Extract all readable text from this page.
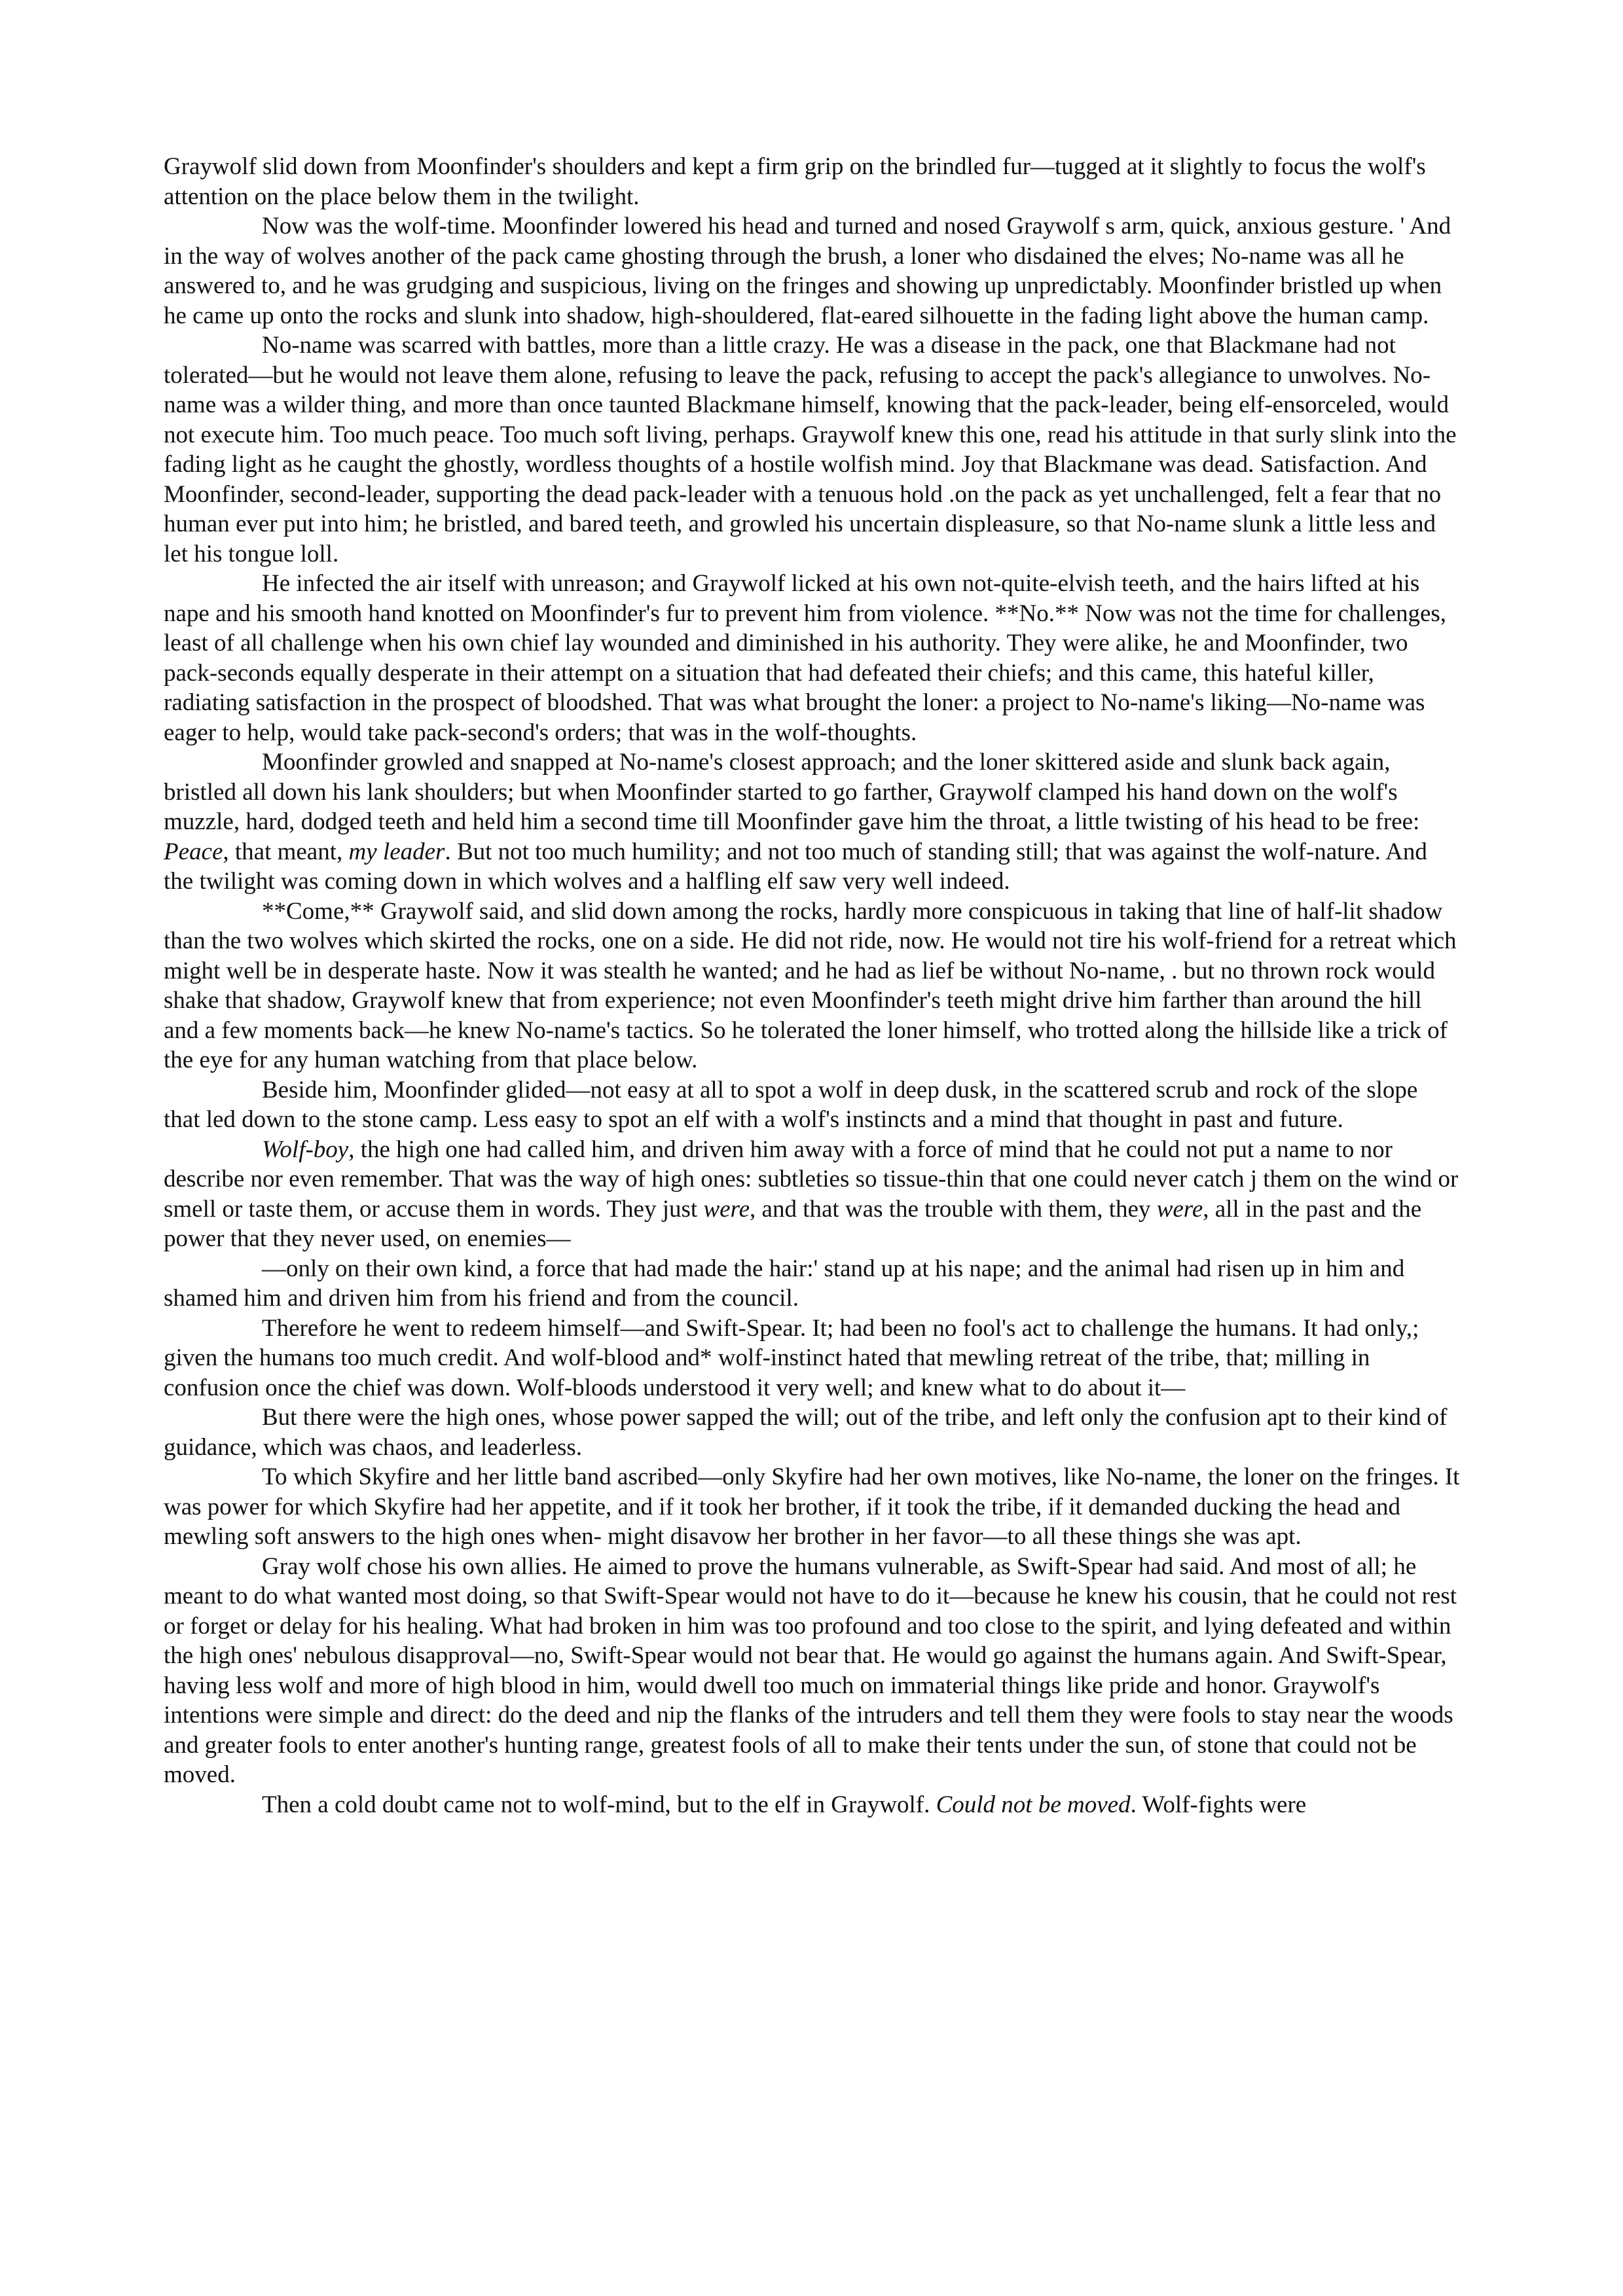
Graywolf slid down from Moonfinder's shoulders and kept a firm grip on the brindled fur—tugged at it slightly to focus the wolf's attention on the place below them in the twilight.

Now was the wolf-time. Moonfinder lowered his head and turned and nosed Graywolf s arm, quick, anxious gesture. ' And in the way of wolves another of the pack came ghosting through the brush, a loner who disdained the elves; No-name was all he answered to, and he was grudging and suspicious, living on the fringes and showing up unpredictably. Moonfinder bristled up when he came up onto the rocks and slunk into shadow, high-shouldered, flat-eared silhouette in the fading light above the human camp.

No-name was scarred with battles, more than a little crazy. He was a disease in the pack, one that Blackmane had not tolerated—but he would not leave them alone, refusing to leave the pack, refusing to accept the pack's allegiance to unwolves. No-name was a wilder thing, and more than once taunted Blackmane himself, knowing that the pack-leader, being elf-ensorceled, would not execute him. Too much peace. Too much soft living, perhaps. Graywolf knew this one, read his attitude in that surly slink into the fading light as he caught the ghostly, wordless thoughts of a hostile wolfish mind. Joy that Blackmane was dead. Satisfaction. And Moonfinder, second-leader, supporting the dead pack-leader with a tenuous hold .on the pack as yet unchallenged, felt a fear that no human ever put into him; he bristled, and bared teeth, and growled his uncertain displeasure, so that No-name slunk a little less and let his tongue loll.

He infected the air itself with unreason; and Graywolf licked at his own not-quite-elvish teeth, and the hairs lifted at his nape and his smooth hand knotted on Moonfinder's fur to prevent him from violence. **No.** Now was not the time for challenges, least of all challenge when his own chief lay wounded and diminished in his authority. They were alike, he and Moonfinder, two pack-seconds equally desperate in their attempt on a situation that had defeated their chiefs; and this came, this hateful killer, radiating satisfaction in the prospect of bloodshed. That was what brought the loner: a project to No-name's liking—No-name was eager to help, would take pack-second's orders; that was in the wolf-thoughts.

Moonfinder growled and snapped at No-name's closest approach; and the loner skittered aside and slunk back again, bristled all down his lank shoulders; but when Moonfinder started to go farther, Graywolf clamped his hand down on the wolf's muzzle, hard, dodged teeth and held him a second time till Moonfinder gave him the throat, a little twisting of his head to be free: Peace, that meant, my leader. But not too much humility; and not too much of standing still; that was against the wolf-nature. And the twilight was coming down in which wolves and a halfling elf saw very well indeed.

**Come,** Graywolf said, and slid down among the rocks, hardly more conspicuous in taking that line of half-lit shadow than the two wolves which skirted the rocks, one on a side. He did not ride, now. He would not tire his wolf-friend for a retreat which might well be in desperate haste. Now it was stealth he wanted; and he had as lief be without No-name, . but no thrown rock would shake that shadow, Graywolf knew that from experience; not even Moonfinder's teeth might drive him farther than around the hill and a few moments back—he knew No-name's tactics. So he tolerated the loner himself, who trotted along the hillside like a trick of the eye for any human watching from that place below.

Beside him, Moonfinder glided—not easy at all to spot a wolf in deep dusk, in the scattered scrub and rock of the slope that led down to the stone camp. Less easy to spot an elf with a wolf's instincts and a mind that thought in past and future.

Wolf-boy, the high one had called him, and driven him away with a force of mind that he could not put a name to nor describe nor even remember. That was the way of high ones: subtleties so tissue-thin that one could never catch j them on the wind or smell or taste them, or accuse them in words. They just were, and that was the trouble with them, they were, all in the past and the power that they never used, on enemies—

—only on their own kind, a force that had made the hair:' stand up at his nape; and the animal had risen up in him and shamed him and driven him from his friend and from the council.

Therefore he went to redeem himself—and Swift-Spear. It; had been no fool's act to challenge the humans. It had only,; given the humans too much credit. And wolf-blood and* wolf-instinct hated that mewling retreat of the tribe, that; milling in confusion once the chief was down. Wolf-bloods understood it very well; and knew what to do about it—

But there were the high ones, whose power sapped the will; out of the tribe, and left only the confusion apt to their kind of guidance, which was chaos, and leaderless.

To which Skyfire and her little band ascribed—only Skyfire had her own motives, like No-name, the loner on the fringes. It was power for which Skyfire had her appetite, and if it took her brother, if it took the tribe, if it demanded ducking the head and mewling soft answers to the high ones when- might disavow her brother in her favor—to all these things she was apt.

Gray wolf chose his own allies. He aimed to prove the humans vulnerable, as Swift-Spear had said. And most of all; he meant to do what wanted most doing, so that Swift-Spear would not have to do it—because he knew his cousin, that he could not rest or forget or delay for his healing. What had broken in him was too profound and too close to the spirit, and lying defeated and within the high ones' nebulous disapproval—no, Swift-Spear would not bear that. He would go against the humans again. And Swift-Spear, having less wolf and more of high blood in him, would dwell too much on immaterial things like pride and honor. Graywolf's intentions were simple and direct: do the deed and nip the flanks of the intruders and tell them they were fools to stay near the woods and greater fools to enter another's hunting range, greatest fools of all to make their tents under the sun, of stone that could not be moved.

Then a cold doubt came not to wolf-mind, but to the elf in Graywolf. Could not be moved. Wolf-fights were
